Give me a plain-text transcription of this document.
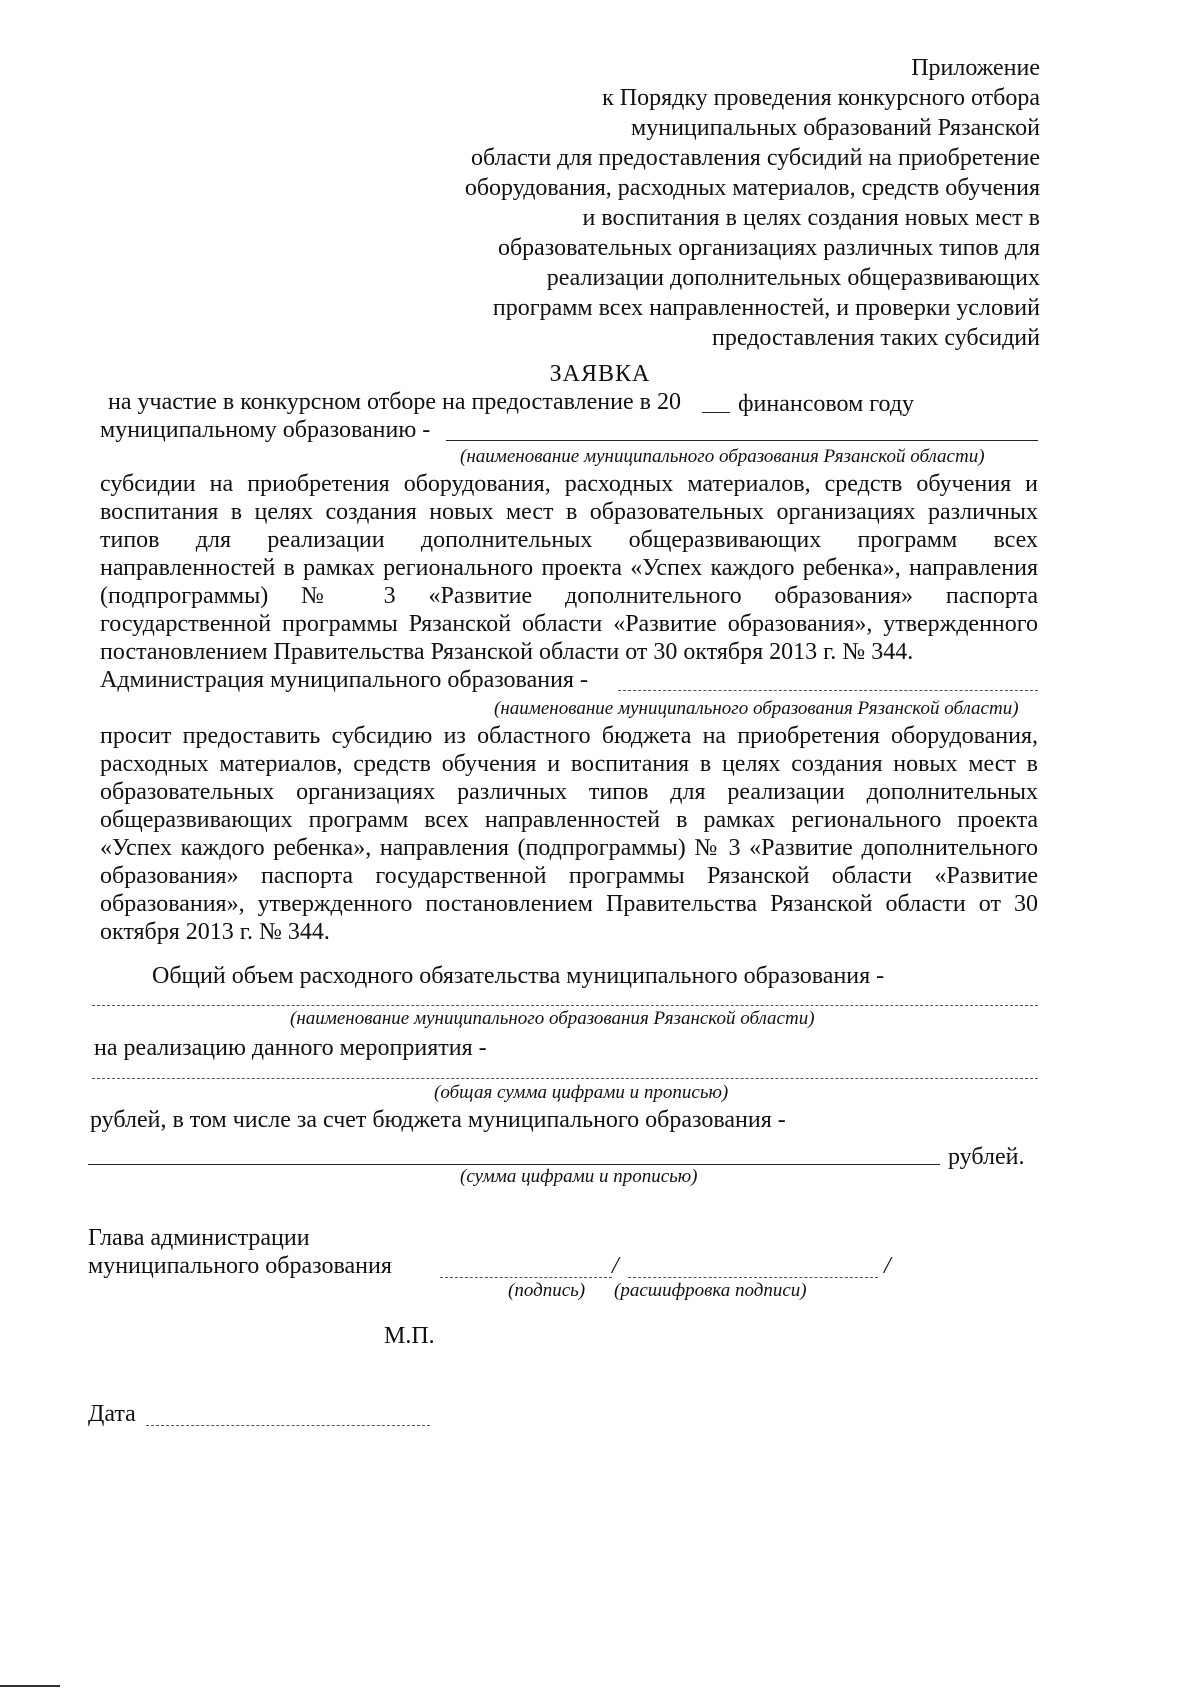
Приложение
к Порядку проведения конкурсного отбора
муниципальных образований Рязанской
области для предоставления субсидий на приобретение
оборудования, расходных материалов, средств обучения
и воспитания в целях создания новых мест в
образовательных организациях различных типов для
реализации дополнительных общеразвивающих
программ всех направленностей, и проверки условий
предоставления таких субсидий
ЗАЯВКА
на участие в конкурсном отборе на предоставление в 20 финансовом году
муниципальному образованию -
(наименование муниципального образования Рязанской области)
субсидии на приобретения оборудования, расходных материалов, средств обучения и
воспитания в целях создания новых мест в образовательных организациях различных
типов для реализации дополнительных общеразвивающих программ всех
направленностей в рамках регионального проекта «Успех каждого ребенка», направления
(подпрограммы) № 3 «Развитие дополнительного образования» паспорта
государственной программы Рязанской области «Развитие образования», утвержденного
постановлением Правительства Рязанской области от 30 октября 2013 г. № 344.
Администрация муниципального образования -
(наименование муниципального образования Рязанской области)
просит предоставить субсидию из областного бюджета на приобретения оборудования,
расходных материалов, средств обучения и воспитания в целях создания новых мест в
образовательных организациях различных типов для реализации дополнительных
общеразвивающих программ всех направленностей в рамках регионального проекта
«Успех каждого ребенка», направления (подпрограммы) № 3 «Развитие дополнительного
образования» паспорта государственной программы Рязанской области «Развитие
образования», утвержденного постановлением Правительства Рязанской области от 30
октября 2013 г. № 344.
Общий объем расходного обязательства муниципального образования -
(наименование муниципального образования Рязанской области)
на реализацию данного мероприятия -
(общая сумма цифрами и прописью)
рублей, в том числе за счет бюджета муниципального образования -
рублей.
(сумма цифрами и прописью)
Глава администрации
муниципального образования	/	/
(подпись) (расшифровка подписи)
М.П.
Дата
